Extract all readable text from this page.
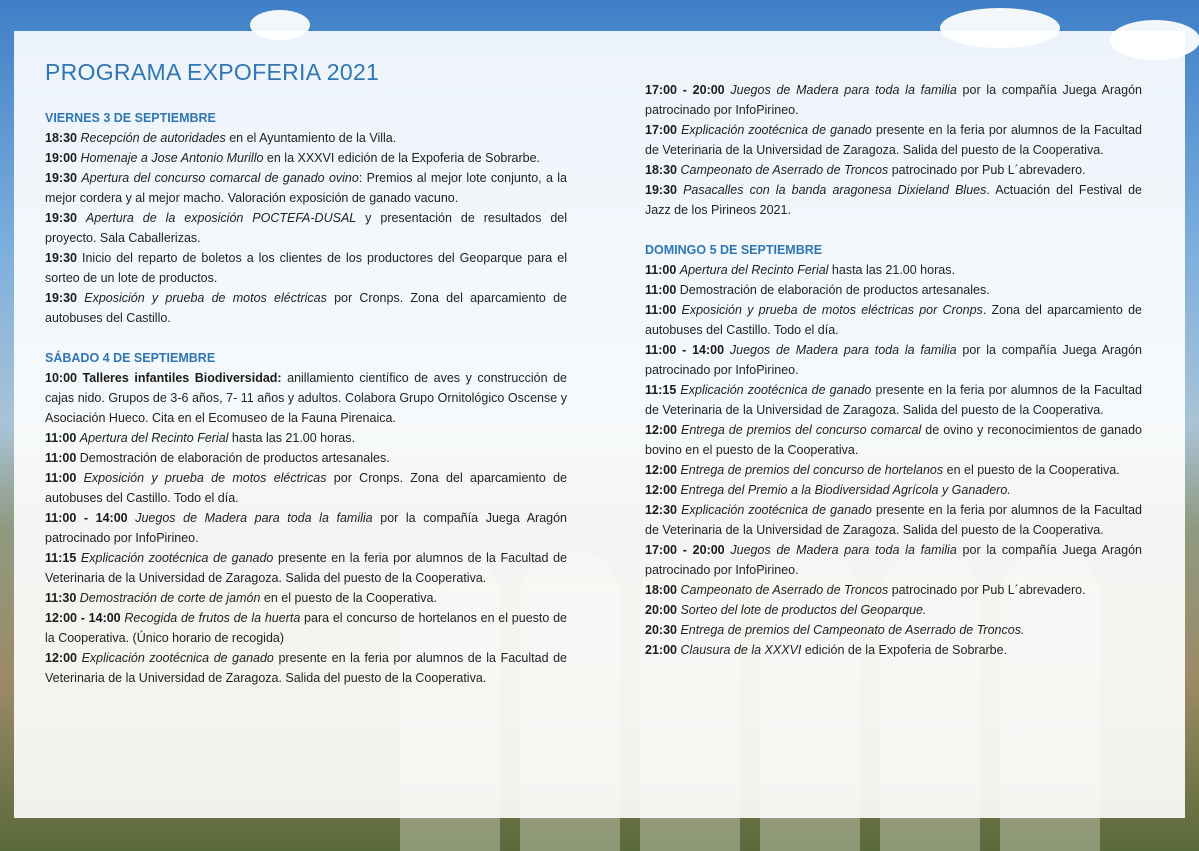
PROGRAMA EXPOFERIA 2021

VIERNES 3 DE SEPTIEMBRE

18:30 Recepción de autoridades en el Ayuntamiento de la Villa.

19:00 Homenaje a Jose Antonio Murillo en la XXXVI edición de la Expoferia de Sobrarbe.

19:30 Apertura del concurso comarcal de ganado ovino: Premios al mejor lote conjunto, a la mejor cordera y al mejor macho. Valoración exposición de ganado vacuno.

19:30 Apertura de la exposición POCTEFA-DUSAL y presentación de resultados del proyecto. Sala Caballerizas.

19:30 Inicio del reparto de boletos a los clientes de los productores del Geoparque para el sorteo de un lote de productos.

19:30 Exposición y prueba de motos eléctricas por Cronps. Zona del aparcamiento de autobuses del Castillo.

SÁBADO 4 DE SEPTIEMBRE

10:00 Talleres infantiles Biodiversidad: anillamiento científico de aves y construcción de cajas nido. Grupos de 3-6 años, 7- 11 años y adultos. Colabora Grupo Ornitológico Oscense y Asociación Hueco. Cita en el Ecomuseo de la Fauna Pirenaica.

11:00 Apertura del Recinto Ferial hasta las 21.00 horas.

11:00 Demostración de elaboración de productos artesanales.

11:00 Exposición y prueba de motos eléctricas por Cronps. Zona del aparcamiento de autobuses del Castillo. Todo el día.

11:00 - 14:00 Juegos de Madera para toda la familia por la compañía Juega Aragón patrocinado por InfoPirineo.

11:15 Explicación zootécnica de ganado presente en la feria por alumnos de la Facultad de Veterinaria de la Universidad de Zaragoza. Salida del puesto de la Cooperativa.

11:30 Demostración de corte de jamón en el puesto de la Cooperativa.

12:00 - 14:00 Recogida de frutos de la huerta para el concurso de hortelanos en el puesto de la Cooperativa. (Único horario de recogida)

12:00 Explicación zootécnica de ganado presente en la feria por alumnos de la Facultad de Veterinaria de la Universidad de Zaragoza. Salida del puesto de la Cooperativa.

17:00 - 20:00 Juegos de Madera para toda la familia por la compañía Juega Aragón patrocinado por InfoPirineo.

17:00 Explicación zootécnica de ganado presente en la feria por alumnos de la Facultad de Veterinaria de la Universidad de Zaragoza. Salida del puesto de la Cooperativa.

18:30 Campeonato de Aserrado de Troncos patrocinado por Pub L´abrevadero.

19:30 Pasacalles con la banda aragonesa Dixieland Blues. Actuación del Festival de Jazz de los Pirineos 2021.

DOMINGO 5 DE SEPTIEMBRE

11:00 Apertura del Recinto Ferial hasta las 21.00 horas.

11:00 Demostración de elaboración de productos artesanales.

11:00 Exposición y prueba de motos eléctricas por Cronps. Zona del aparcamiento de autobuses del Castillo. Todo el día.

11:00 - 14:00 Juegos de Madera para toda la familia por la compañía Juega Aragón patrocinado por InfoPirineo.

11:15 Explicación zootécnica de ganado presente en la feria por alumnos de la Facultad de Veterinaria de la Universidad de Zaragoza. Salida del puesto de la Cooperativa.

12:00 Entrega de premios del concurso comarcal de ovino y reconocimientos de ganado bovino en el puesto de la Cooperativa.

12:00 Entrega de premios del concurso de hortelanos en el puesto de la Cooperativa.

12:00 Entrega del Premio a la Biodiversidad Agrícola y Ganadero.

12:30 Explicación zootécnica de ganado presente en la feria por alumnos de la Facultad de Veterinaria de la Universidad de Zaragoza. Salida del puesto de la Cooperativa.

17:00 - 20:00 Juegos de Madera para toda la familia por la compañía Juega Aragón patrocinado por InfoPirineo.

18:00 Campeonato de Aserrado de Troncos patrocinado por Pub L´abrevadero.

20:00 Sorteo del lote de productos del Geoparque.

20:30 Entrega de premios del Campeonato de Aserrado de Troncos.

21:00 Clausura de la XXXVI edición de la Expoferia de Sobrarbe.
